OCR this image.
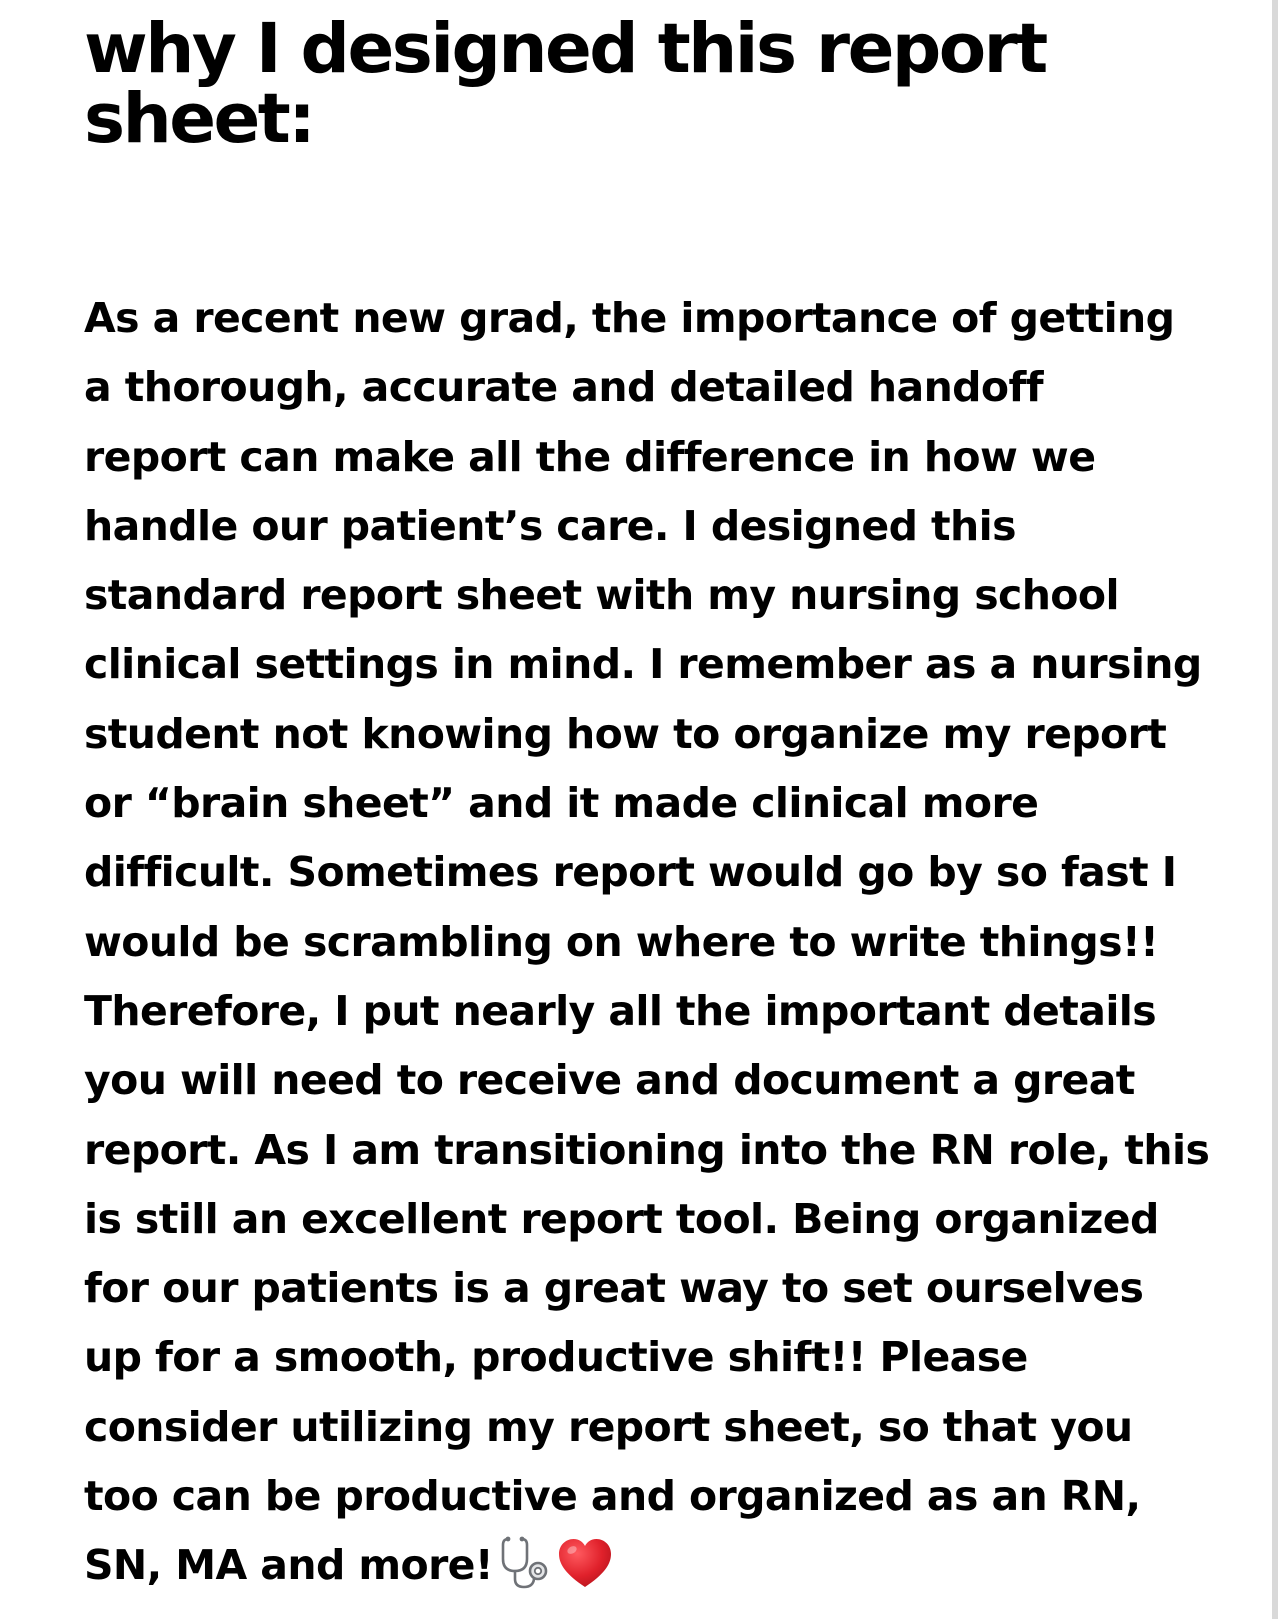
why I designed this report
sheet:
As a recent new grad, the importance of getting
a thorough, accurate and detailed handoff
report can make all the difference in how we
handle our patient’s care. I designed this
standard report sheet with my nursing school
clinical settings in mind. I remember as a nursing
student not knowing how to organize my report
or “brain sheet” and it made clinical more
difficult. Sometimes report would go by so fast I
would be scrambling on where to write things!!
Therefore, I put nearly all the important details
you will need to receive and document a great
report. As I am transitioning into the RN role, this
is still an excellent report tool. Being organized
for our patients is a great way to set ourselves
up for a smooth, productive shift!! Please
consider utilizing my report sheet, so that you
too can be productive and organized as an RN,
SN, MA and more!
